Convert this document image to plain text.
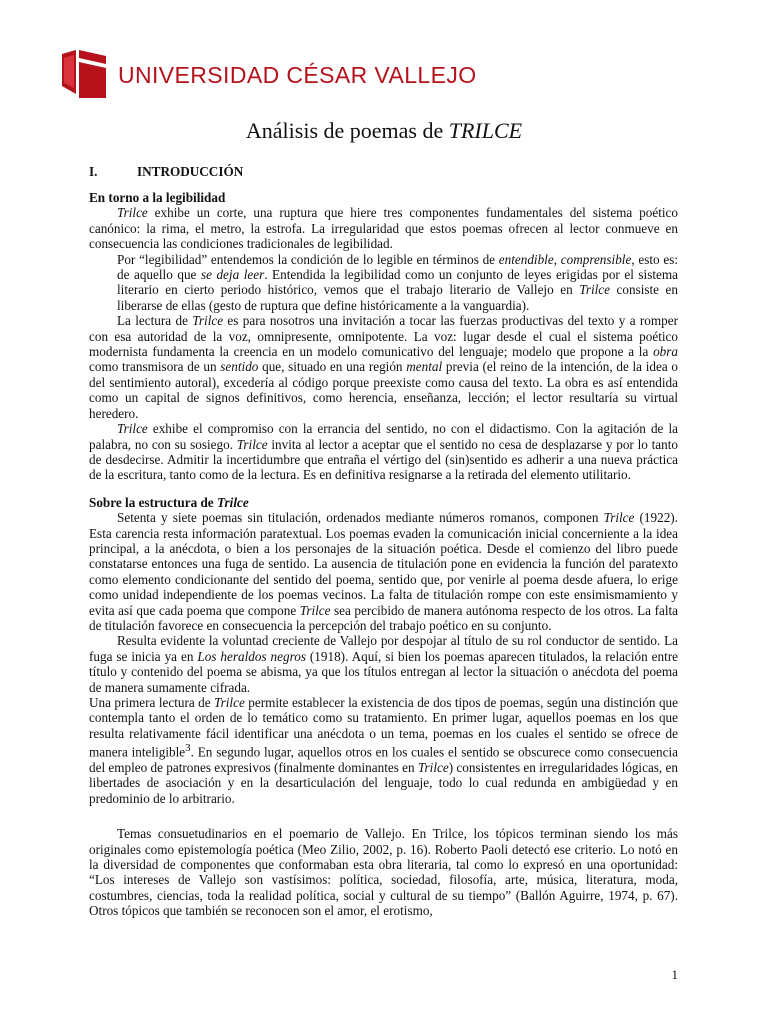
UNIVERSIDAD CÉSAR VALLEJO
Análisis de poemas de TRILCE
I.	INTRODUCCIÓN
En torno a la legibilidad

Trilce exhibe un corte, una ruptura que hiere tres componentes fundamentales del sistema poético canónico: la rima, el metro, la estrofa. La irregularidad que estos poemas ofrecen al lector conmueve en consecuencia las condiciones tradicionales de legibilidad.

Por “legibilidad” entendemos la condición de lo legible en términos de entendible, comprensible, esto es: de aquello que se deja leer. Entendida la legibilidad como un conjunto de leyes erigidas por el sistema literario en cierto periodo histórico, vemos que el trabajo literario de Vallejo en Trilce consiste en liberarse de ellas (gesto de ruptura que define históricamente a la vanguardia).

La lectura de Trilce es para nosotros una invitación a tocar las fuerzas productivas del texto y a romper con esa autoridad de la voz, omnipresente, omnipotente. La voz: lugar desde el cual el sistema poético modernista fundamenta la creencia en un modelo comunicativo del lenguaje; modelo que propone a la obra como transmisora de un sentido que, situado en una región mental previa (el reino de la intención, de la idea o del sentimiento autoral), excedería al código porque preexiste como causa del texto. La obra es así entendida como un capital de signos definitivos, como herencia, enseñanza, lección; el lector resultaría su virtual heredero.

Trilce exhibe el compromiso con la errancia del sentido, no con el didactismo. Con la agitación de la palabra, no con su sosiego. Trilce invita al lector a aceptar que el sentido no cesa de desplazarse y por lo tanto de desdecirse. Admitir la incertidumbre que entraña el vértigo del (sin)sentido es adherir a una nueva práctica de la escritura, tanto como de la lectura. Es en definitiva resignarse a la retirada del elemento utilitario.

Sobre la estructura de Trilce

Setenta y siete poemas sin titulación, ordenados mediante números romanos, componen Trilce (1922). Esta carencia resta información paratextual. Los poemas evaden la comunicación inicial concerniente a la idea principal, a la anécdota, o bien a los personajes de la situación poética. Desde el comienzo del libro puede constatarse entonces una fuga de sentido. La ausencia de titulación pone en evidencia la función del paratexto como elemento condicionante del sentido del poema, sentido que, por venirle al poema desde afuera, lo erige como unidad independiente de los poemas vecinos. La falta de titulación rompe con este ensimismamiento y evita así que cada poema que compone Trilce sea percibido de manera autónoma respecto de los otros. La falta de titulación favorece en consecuencia la percepción del trabajo poético en su conjunto.

Resulta evidente la voluntad creciente de Vallejo por despojar al título de su rol conductor de sentido. La fuga se inicia ya en Los heraldos negros (1918). Aquí, si bien los poemas aparecen titulados, la relación entre título y contenido del poema se abisma, ya que los títulos entregan al lector la situación o anécdota del poema de manera sumamente cifrada.

Una primera lectura de Trilce permite establecer la existencia de dos tipos de poemas, según una distinción que contempla tanto el orden de lo temático como su tratamiento. En primer lugar, aquellos poemas en los que resulta relativamente fácil identificar una anécdota o un tema, poemas en los cuales el sentido se ofrece de manera inteligible$^3$. En segundo lugar, aquellos otros en los cuales el sentido se obscurece como consecuencia del empleo de patrones expresivos (finalmente dominantes en Trilce) consistentes en irregularidades lógicas, en libertades de asociación y en la desarticulación del lenguaje, todo lo cual redunda en ambigüedad y en predominio de lo arbitrario.

Temas consuetudinarios en el poemario de Vallejo. En Trilce, los tópicos terminan siendo los más originales como epistemología poética (Meo Zilio, 2002, p. 16). Roberto Paoli detectó ese criterio. Lo notó en la diversidad de componentes que conformaban esta obra literaria, tal como lo expresó en una oportunidad: “Los intereses de Vallejo son vastísimos: política, sociedad, filosofía, arte, música, literatura, moda, costumbres, ciencias, toda la realidad política, social y cultural de su tiempo” (Ballón Aguirre, 1974, p. 67). Otros tópicos que también se reconocen son el amor, el erotismo,

1
